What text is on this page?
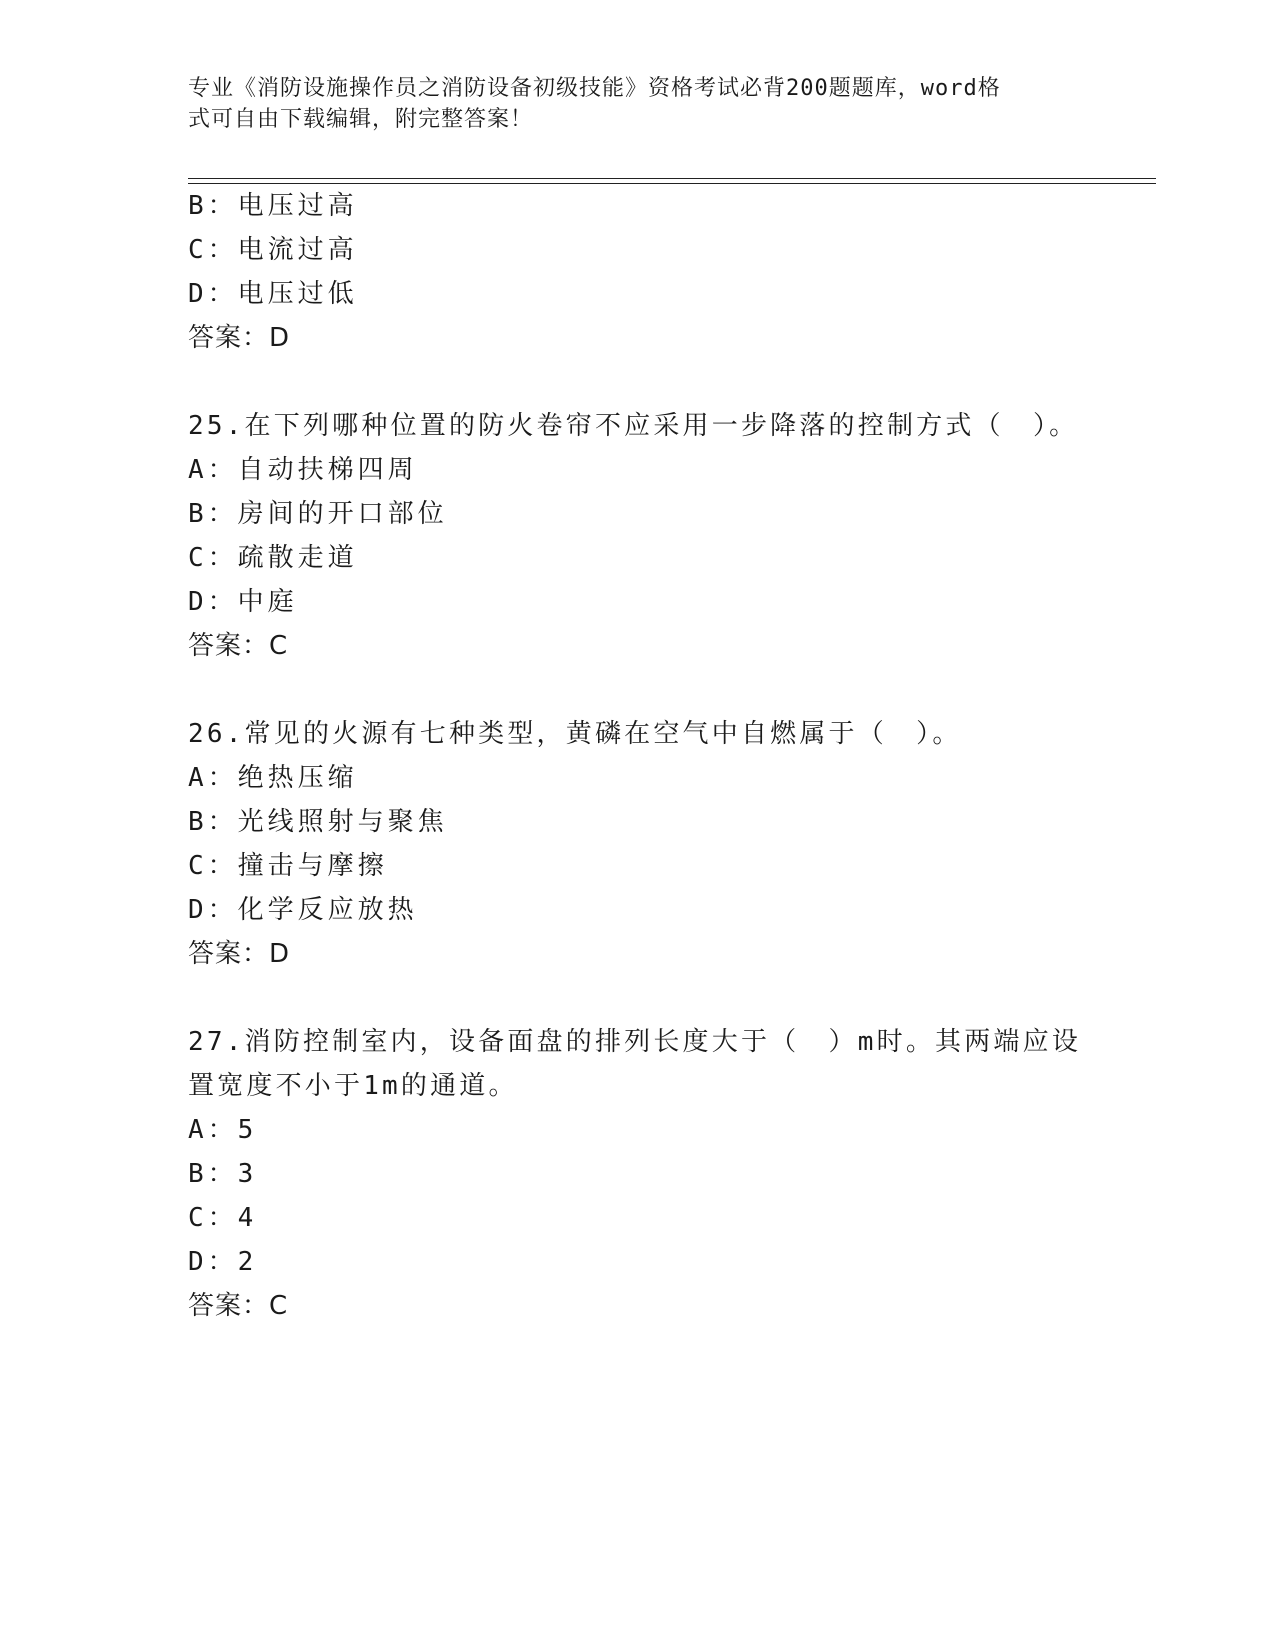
专业《消防设施操作员之消防设备初级技能》资格考试必背200题题库，word格
式可自由下载编辑，附完整答案！
B：电压过高
C：电流过高
D：电压过低
答案：D
25.在下列哪种位置的防火卷帘不应采用一步降落的控制方式（　）。
A：自动扶梯四周
B：房间的开口部位
C：疏散走道
D：中庭
答案：C
26.常见的火源有七种类型，黄磷在空气中自燃属于（　）。
A：绝热压缩
B：光线照射与聚焦
C：撞击与摩擦
D：化学反应放热
答案：D
27.消防控制室内，设备面盘的排列长度大于（　）m时。其两端应设
置宽度不小于1m的通道。
A：5
B：3
C：4
D：2
答案：C
